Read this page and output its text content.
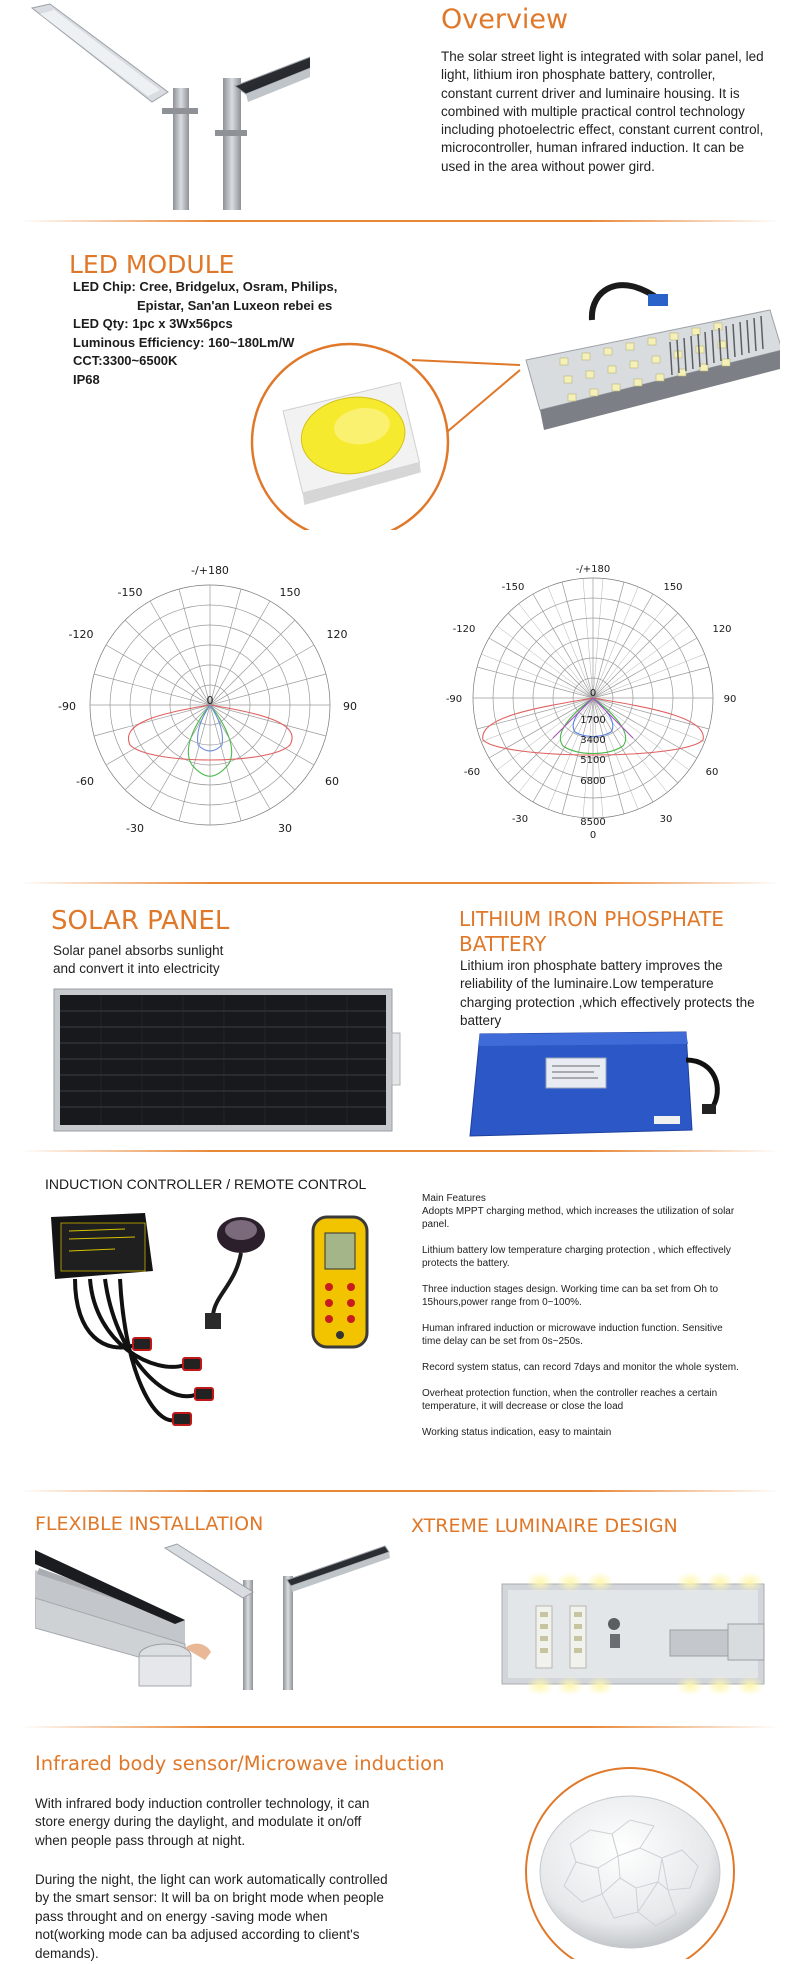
Overview

The solar street light is integrated with solar panel, led light, lithium iron phosphate battery, controller, constant current driver and luminaire housing. It is combined with multiple practical control technology including photoelectric effect, constant current control, microcontroller, human infrared induction. It can be used in the area without power gird.

LED MODULE
LED Chip: Cree, Bridgelux, Osram, Philips,
Epistar, San'an Luxeon rebei es
LED Qty: 1pc x 3Wx56pcs
Luminous Efficiency: 160~180Lm/W
CCT:3300~6500K
IP68
-/+180
-150	150
-120	120
-90	90
-60	60
-30	30
0
-/+180
-150	150
-120	120
-90	90
-60	60
-30	30
0
1700
3400
5100
6800
8500
0
SOLAR PANEL
Solar panel absorbs sunlight
and convert it into electricity
LITHIUM IRON PHOSPHATE
BATTERY

Lithium iron phosphate battery improves the reliability of the luminaire.Low temperature charging protection ,which effectively protects the battery

INDUCTION CONTROLLER / REMOTE CONTROL

Main Features

Adopts MPPT charging method, which increases the utilization of solar panel.

Lithium battery low temperature charging protection , which effectively protects the battery.

Three induction stages design. Working time can ba set from Oh to 15hours,power range from 0~100%.

Human infrared induction or microwave induction function. Sensitive time delay can be set from 0s~250s.

Record system status, can record 7days and monitor the whole system.

Overheat protection function, when the controller reaches a certain temperature, it will decrease or close the load

Working status indication, easy to maintain

FLEXIBLE INSTALLATION	XTREME LUMINAIRE DESIGN
Infrared body sensor/Microwave induction

With infrared body induction controller technology, it can store energy during the daylight, and modulate it on/off when people pass through at night.

During the night, the light can work automatically controlled by the smart sensor: It will ba on bright mode when people pass throught and on energy -saving mode when not(working mode can ba adjused according to client's demands).
